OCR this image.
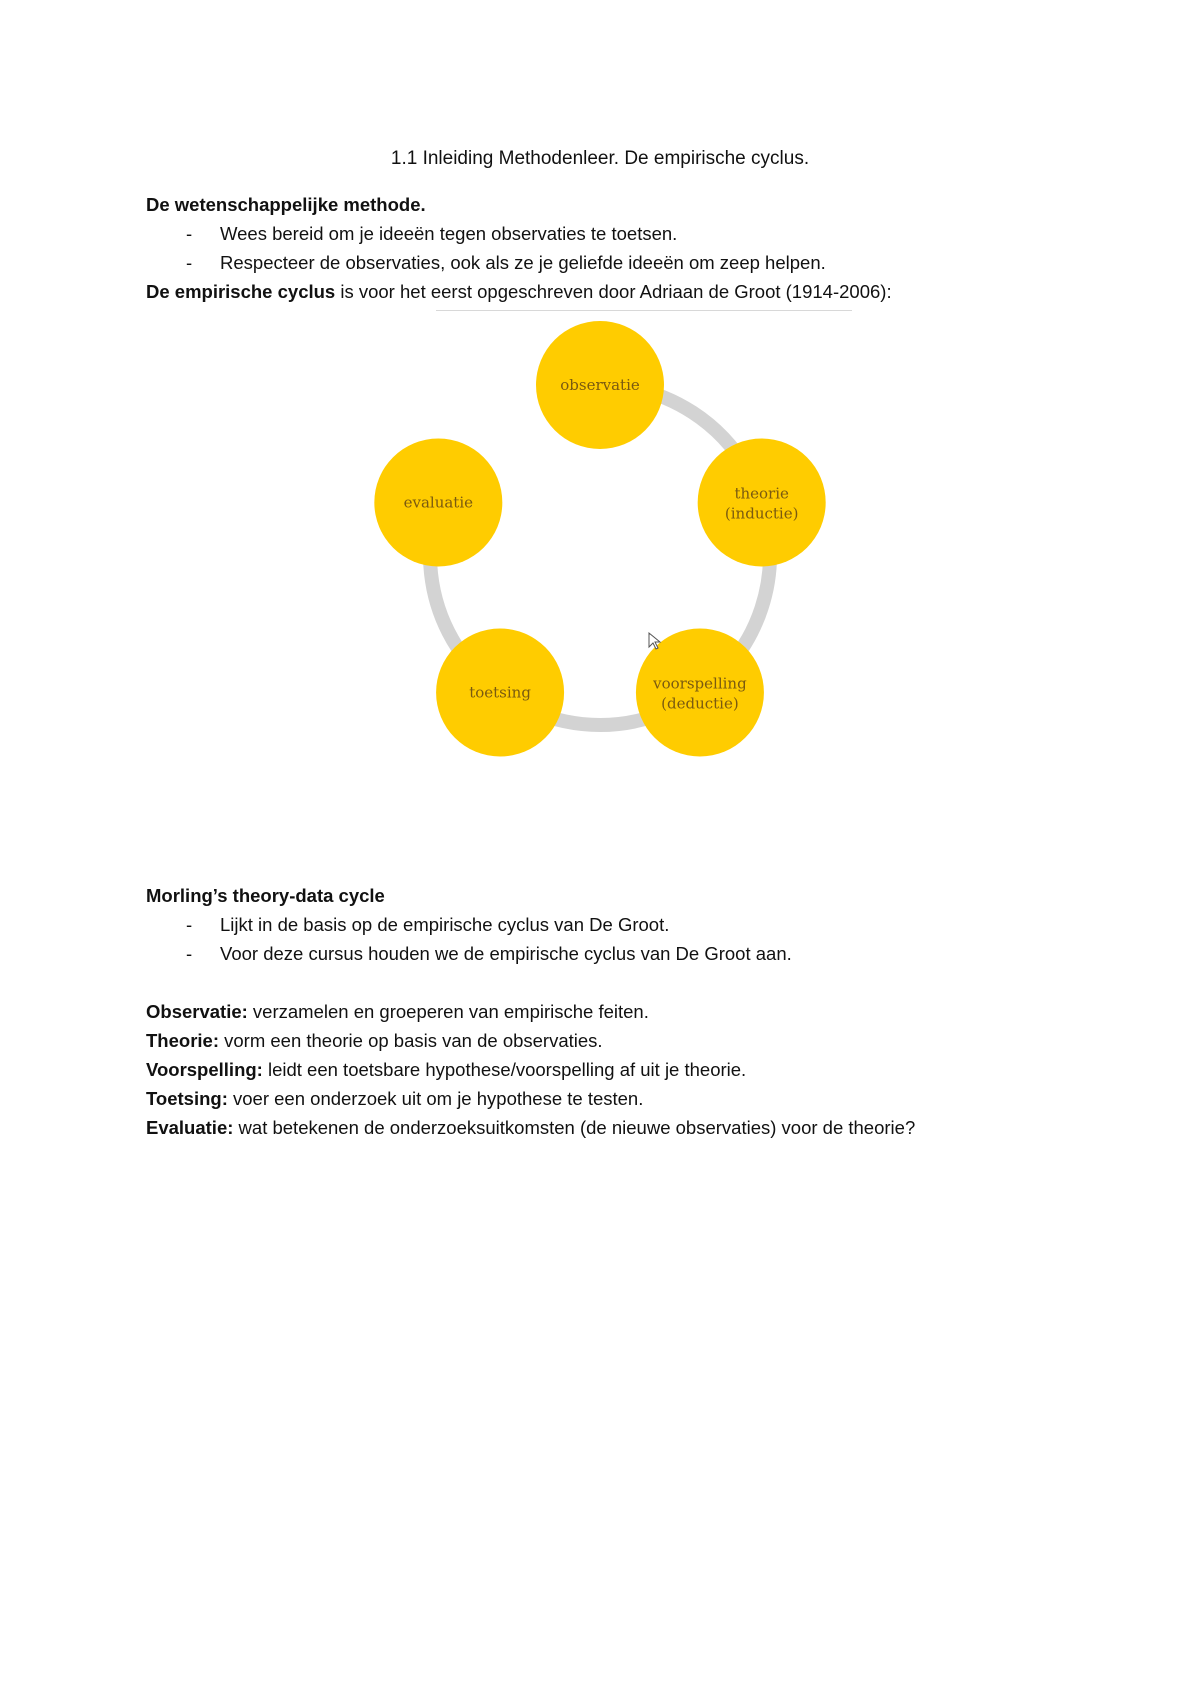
1.1 Inleiding Methodenleer. De empirische cyclus.
De wetenschappelijke methode.
- Wees bereid om je ideeën tegen observaties te toetsen.
- Respecteer de observaties, ook als ze je geliefde ideeën om zeep helpen.
De empirische cyclus is voor het eerst opgeschreven door Adriaan de Groot (1914-2006):
observatie
theorie
(inductie)
voorspelling
(deductie)
toetsing
evaluatie
Morling’s theory-data cycle
- Lijkt in de basis op de empirische cyclus van De Groot.
- Voor deze cursus houden we de empirische cyclus van De Groot aan.
Observatie: verzamelen en groeperen van empirische feiten.
Theorie: vorm een theorie op basis van de observaties.
Voorspelling: leidt een toetsbare hypothese/voorspelling af uit je theorie.
Toetsing: voer een onderzoek uit om je hypothese te testen.
Evaluatie: wat betekenen de onderzoeksuitkomsten (de nieuwe observaties) voor de theorie?
